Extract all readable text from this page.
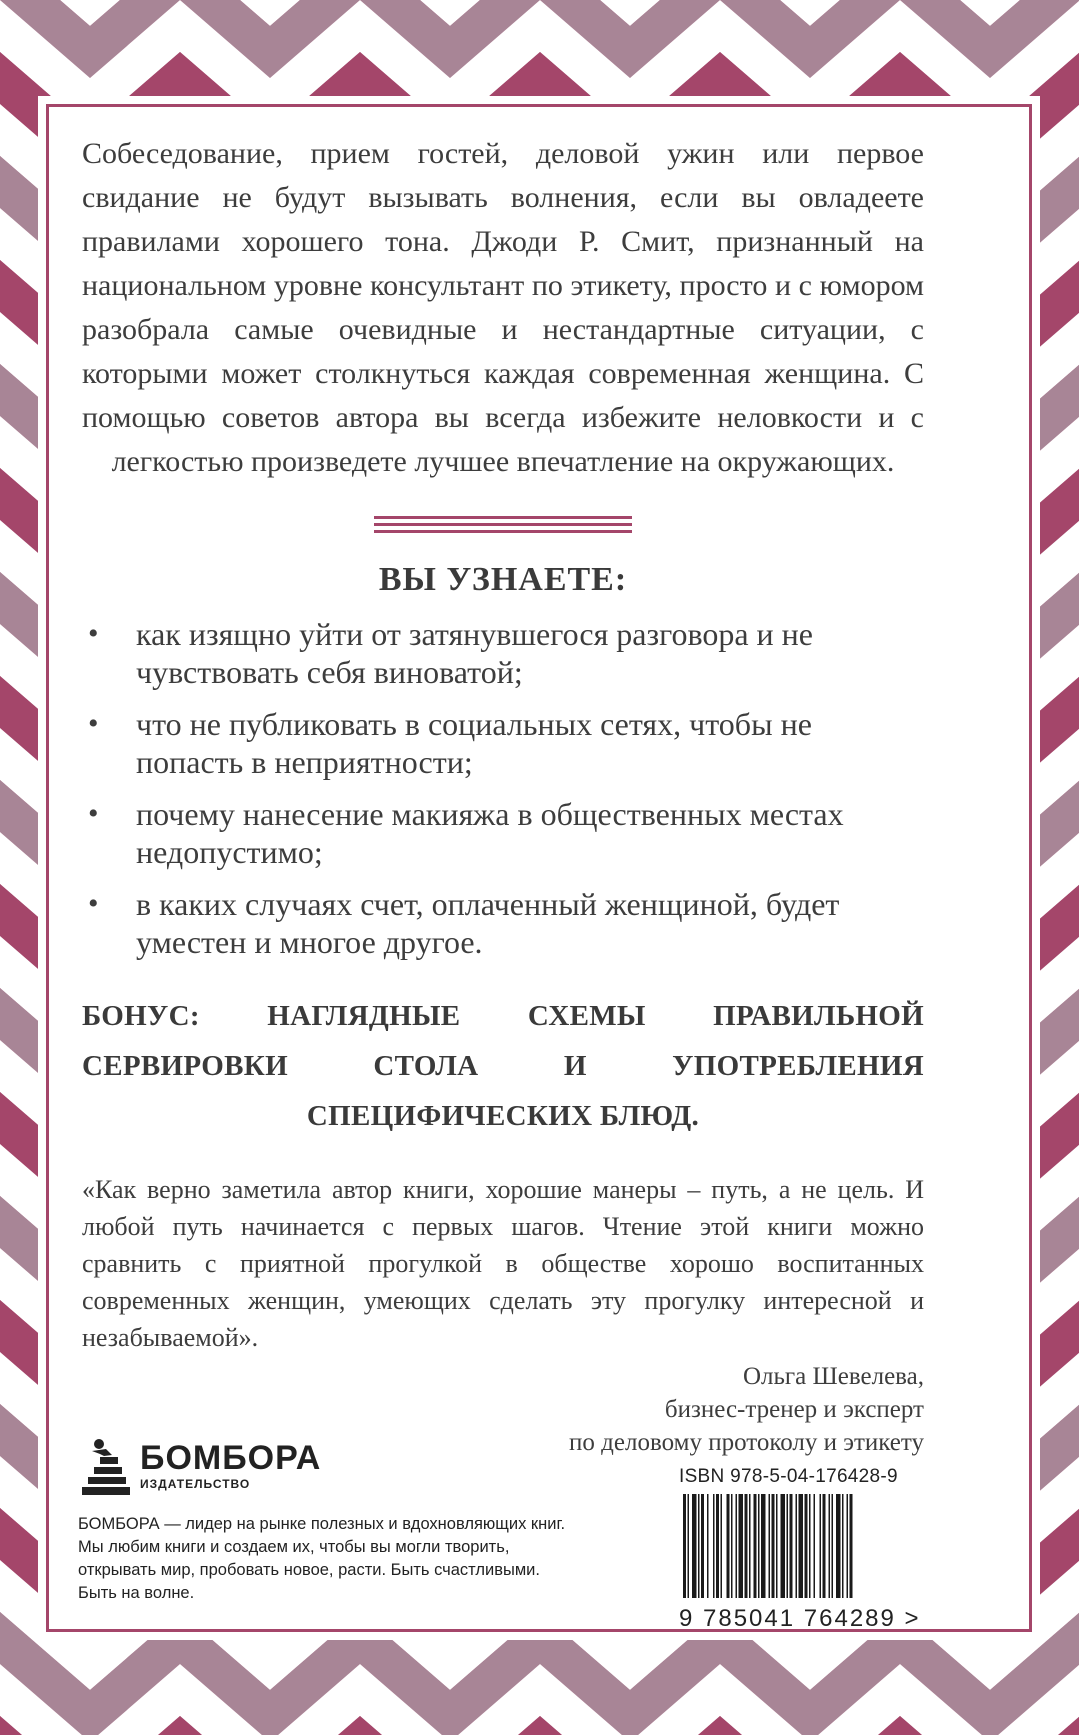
Собеседование, прием гостей, деловой ужин или первое свидание не будут вызывать волнения, если вы овладеете правилами хорошего тона. Джоди Р. Смит, признанный на национальном уровне консультант по этикету, просто и с юмором разобрала самые очевидные и нестандартные ситуации, с которыми может столкнуться каждая современная женщина. С помощью советов автора вы всегда избежите неловкости и с легкостью произведете лучшее впечатление на окружающих.

ВЫ УЗНАЕТЕ:
• как изящно уйти от затянувшегося разговора и не чувствовать себя виноватой;
• что не публиковать в социальных сетях, чтобы не попасть в неприятности;
• почему нанесение макияжа в общественных местах недопустимо;
• в каких случаях счет, оплаченный женщиной, будет уместен и многое другое.
БОНУС: НАГЛЯДНЫЕ СХЕМЫ ПРАВИЛЬНОЙ СЕРВИРОВКИ СТОЛА И УПОТРЕБЛЕНИЯ СПЕЦИФИЧЕСКИХ БЛЮД.
«Как верно заметила автор книги, хорошие манеры – путь, а не цель. И любой путь начинается с первых шагов. Чтение этой книги можно сравнить с приятной прогулкой в обществе хорошо воспитанных современных женщин, умеющих сделать эту прогулку интересной и незабываемой».
Ольга Шевелева,
бизнес-тренер и эксперт
по деловому протоколу и этикету
БОМБОРА
ИЗДАТЕЛЬСТВО
БОМБОРА — лидер на рынке полезных и вдохновляющих книг. Мы любим книги и создаем их, чтобы вы могли творить, открывать мир, пробовать новое, расти. Быть счастливыми. Быть на волне.
ISBN 978-5-04-176428-9
9 785041 764289 >
